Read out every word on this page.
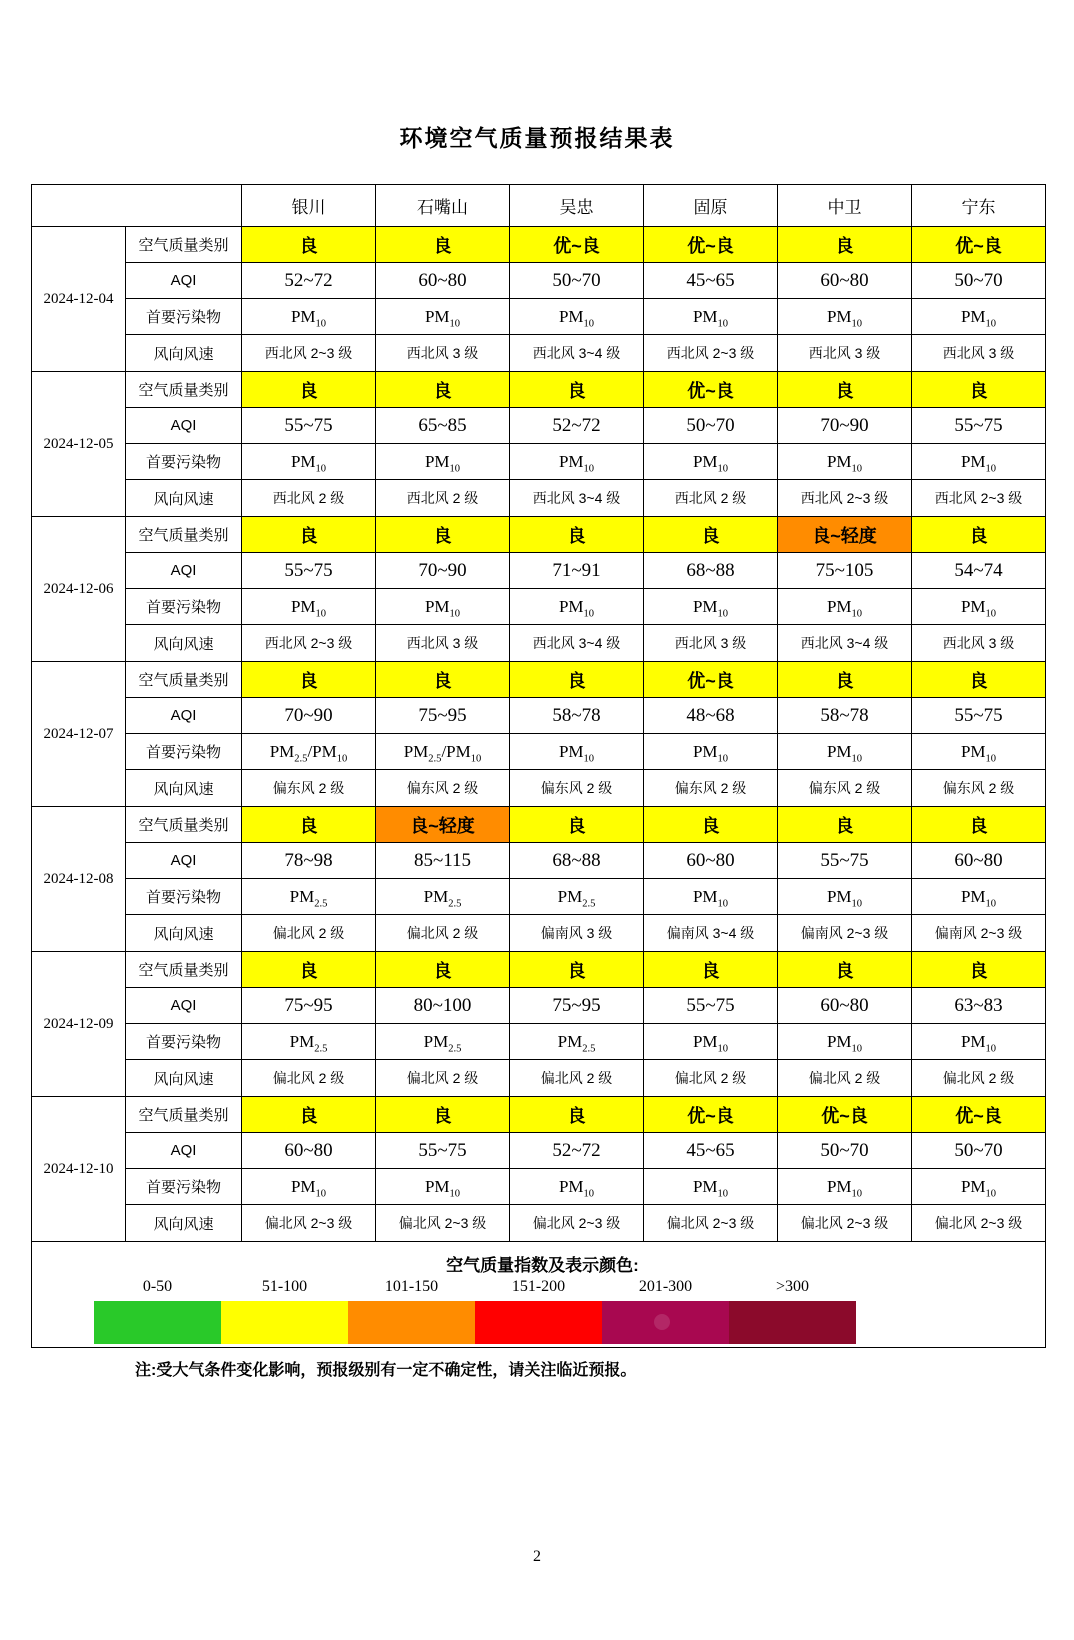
环境空气质量预报结果表
		银川	石嘴山	吴忠	固原	中卫	宁东
2024-12-04	空气质量类别	良	良	优~良	优~良	良	优~良
	AQI	52~72	60~80	50~70	45~65	60~80	50~70
	首要污染物	$PM_{10}$	$PM_{10}$	$PM_{10}$	$PM_{10}$	$PM_{10}$	$PM_{10}$
	风向风速	西北风 2~3 级	西北风 3 级	西北风 3~4 级	西北风 2~3 级	西北风 3 级	西北风 3 级
2024-12-05	空气质量类别	良	良	良	优~良	良	良
	AQI	55~75	65~85	52~72	50~70	70~90	55~75
	首要污染物	$PM_{10}$	$PM_{10}$	$PM_{10}$	$PM_{10}$	$PM_{10}$	$PM_{10}$
	风向风速	西北风 2 级	西北风 2 级	西北风 3~4 级	西北风 2 级	西北风 2~3 级	西北风 2~3 级
2024-12-06	空气质量类别	良	良	良	良	良~轻度	良
	AQI	55~75	70~90	71~91	68~88	75~105	54~74
	首要污染物	$PM_{10}$	$PM_{10}$	$PM_{10}$	$PM_{10}$	$PM_{10}$	$PM_{10}$
	风向风速	西北风 2~3 级	西北风 3 级	西北风 3~4 级	西北风 3 级	西北风 3~4 级	西北风 3 级
2024-12-07	空气质量类别	良	良	良	优~良	良	良
	AQI	70~90	75~95	58~78	48~68	58~78	55~75
	首要污染物	$PM_{2.5}/PM_{10}$	$PM_{2.5}/PM_{10}$	$PM_{10}$	$PM_{10}$	$PM_{10}$	$PM_{10}$
	风向风速	偏东风 2 级	偏东风 2 级	偏东风 2 级	偏东风 2 级	偏东风 2 级	偏东风 2 级
2024-12-08	空气质量类别	良	良~轻度	良	良	良	良
	AQI	78~98	85~115	68~88	60~80	55~75	60~80
	首要污染物	$PM_{2.5}$	$PM_{2.5}$	$PM_{2.5}$	$PM_{10}$	$PM_{10}$	$PM_{10}$
	风向风速	偏北风 2 级	偏北风 2 级	偏南风 3 级	偏南风 3~4 级	偏南风 2~3 级	偏南风 2~3 级
2024-12-09	空气质量类别	良	良	良	良	良	良
	AQI	75~95	80~100	75~95	55~75	60~80	63~83
	首要污染物	$PM_{2.5}$	$PM_{2.5}$	$PM_{2.5}$	$PM_{10}$	$PM_{10}$	$PM_{10}$
	风向风速	偏北风 2 级	偏北风 2 级	偏北风 2 级	偏北风 2 级	偏北风 2 级	偏北风 2 级
2024-12-10	空气质量类别	良	良	良	优~良	优~良	优~良
	AQI	60~80	55~75	52~72	45~65	50~70	50~70
	首要污染物	$PM_{10}$	$PM_{10}$	$PM_{10}$	$PM_{10}$	$PM_{10}$	$PM_{10}$
	风向风速	偏北风 2~3 级	偏北风 2~3 级	偏北风 2~3 级	偏北风 2~3 级	偏北风 2~3 级	偏北风 2~3 级

空气质量指数及表示颜色:
0-50	51-100	101-150	151-200	201-300	>300
注:受大气条件变化影响，预报级别有一定不确定性，请关注临近预报。
2
